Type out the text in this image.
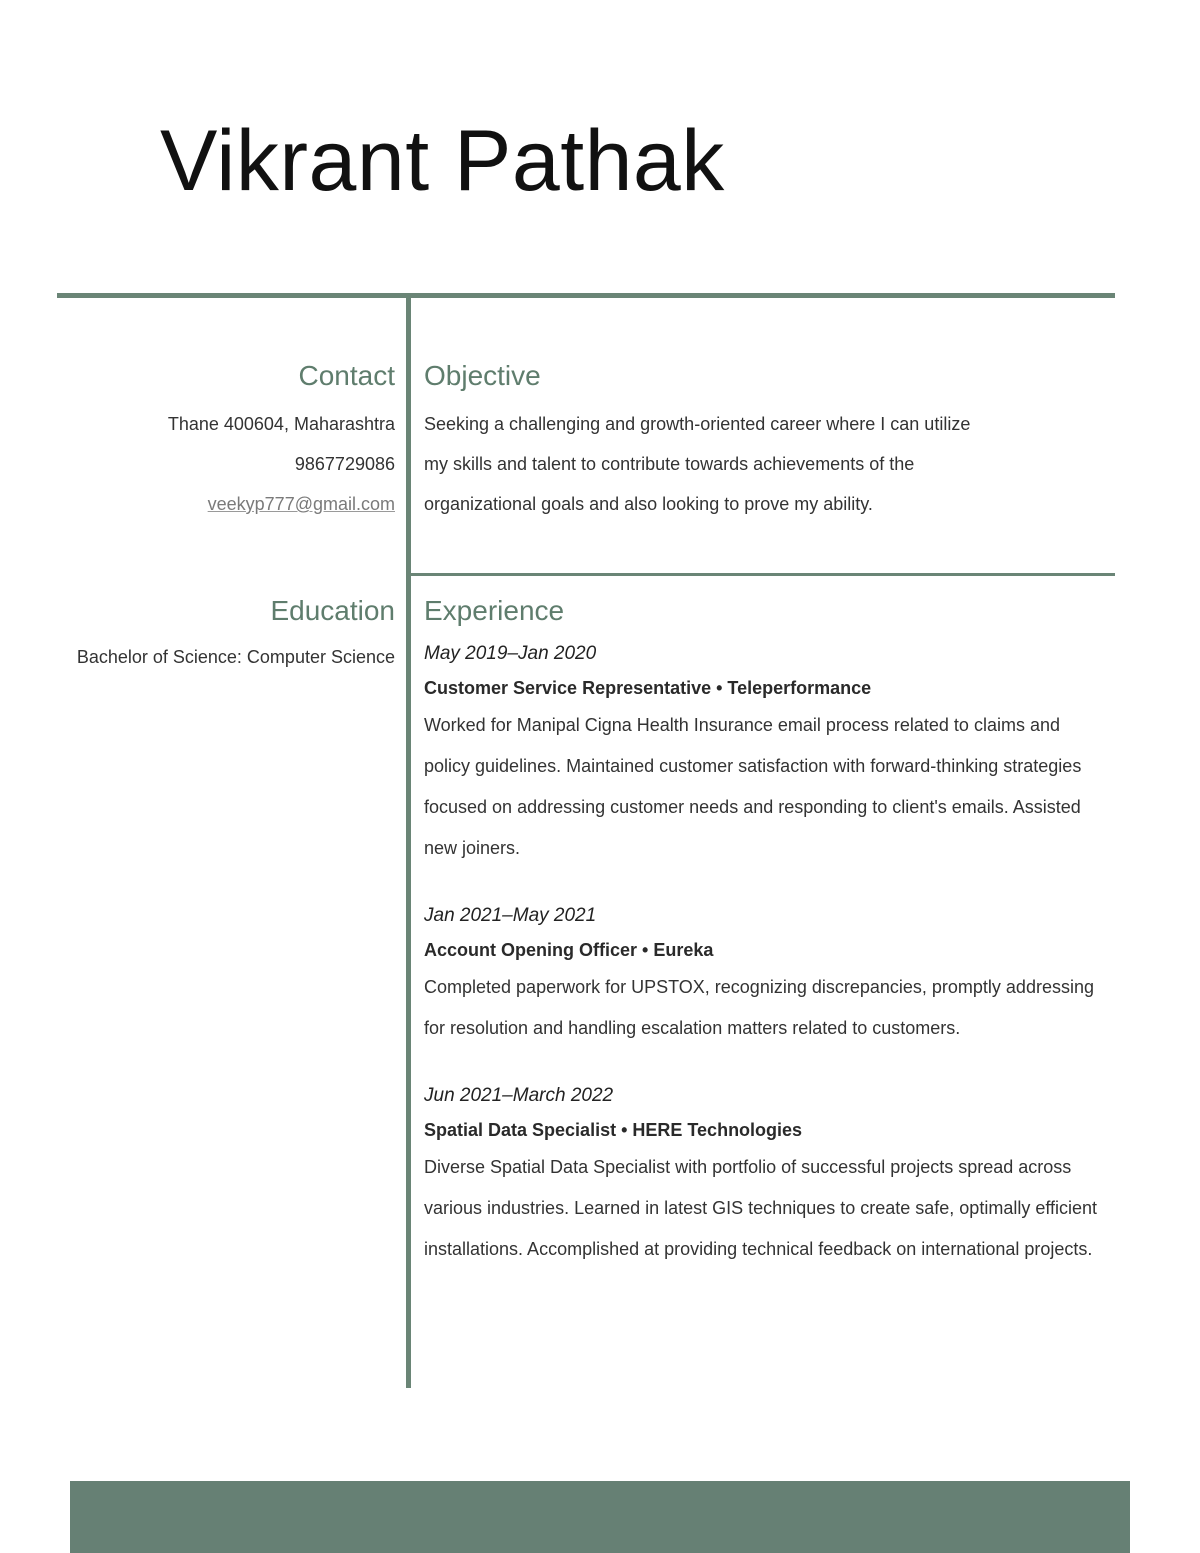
Vikrant Pathak
Contact
Thane 400604, Maharashtra
9867729086
veekyp777@gmail.com
Education
Bachelor of Science: Computer Science
Objective
Seeking a challenging and growth-oriented career where I can utilize my skills and talent to contribute towards achievements of the organizational goals and also looking to prove my ability.
Experience
May 2019–Jan 2020
Customer Service Representative • Teleperformance
Worked for Manipal Cigna Health Insurance email process related to claims and policy guidelines. Maintained customer satisfaction with forward-thinking strategies focused on addressing customer needs and responding to client's emails. Assisted new joiners.
Jan 2021–May 2021
Account Opening Officer • Eureka
Completed paperwork for UPSTOX, recognizing discrepancies, promptly addressing for resolution and handling escalation matters related to customers.
Jun 2021–March 2022
Spatial Data Specialist • HERE Technologies
Diverse Spatial Data Specialist with portfolio of successful projects spread across various industries. Learned in latest GIS techniques to create safe, optimally efficient installations. Accomplished at providing technical feedback on international projects.
